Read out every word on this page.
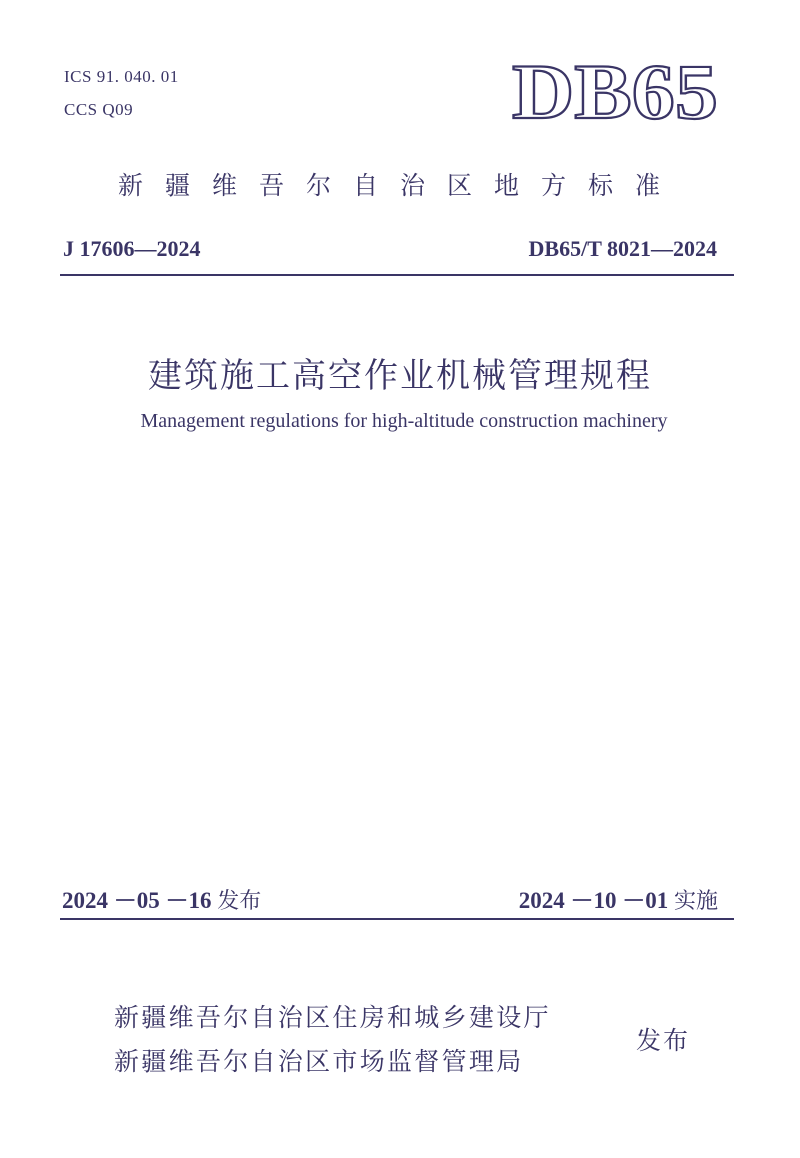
ICS 91. 040. 01
CCS Q09	DB65
新疆维吾尔自治区地方标准
J 17606—2024	DB65/T 8021—2024
建筑施工高空作业机械管理规程
Management regulations for high-altitude construction machinery
2024 －05 －16 发布	2024 －10 －01 实施
新疆维吾尔自治区住房和城乡建设厅
新疆维吾尔自治区市场监督管理局
发布
